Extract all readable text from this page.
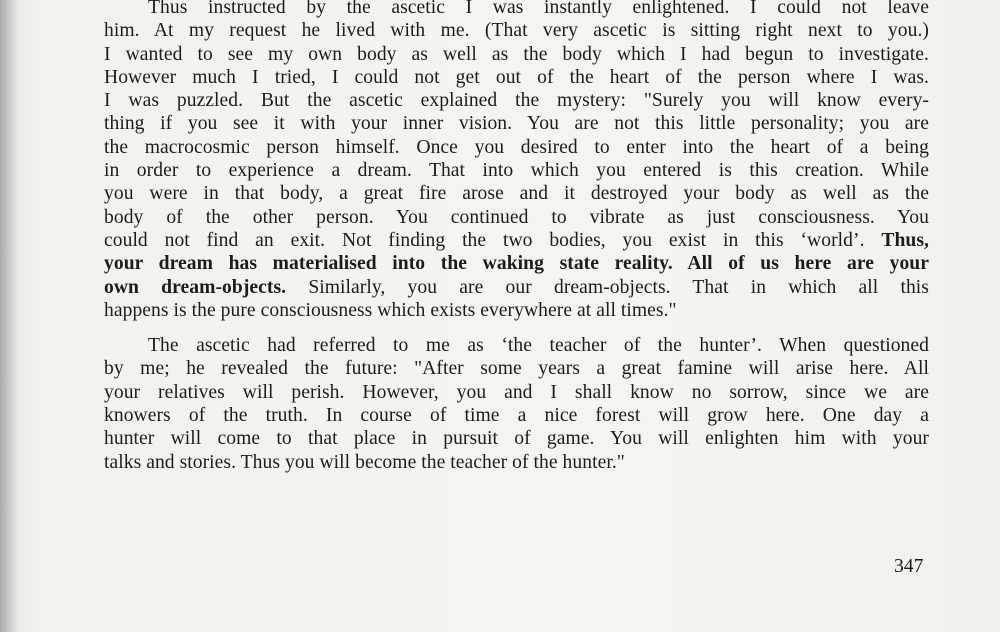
Thus instructed by the ascetic I was instantly enlightened. I could not leave
him. At my request he lived with me. (That very ascetic is sitting right next to you.)
I wanted to see my own body as well as the body which I had begun to investigate.
However much I tried, I could not get out of the heart of the person where I was.
I was puzzled. But the ascetic explained the mystery: "Surely you will know every-
thing if you see it with your inner vision. You are not this little personality; you are
the macrocosmic person himself. Once you desired to enter into the heart of a being
in order to experience a dream. That into which you entered is this creation. While
you were in that body, a great fire arose and it destroyed your body as well as the
body of the other person. You continued to vibrate as just consciousness. You
could not find an exit. Not finding the two bodies, you exist in this ‘world’. Thus,
your dream has materialised into the waking state reality. All of us here are your
own dream-objects. Similarly, you are our dream-objects. That in which all this
happens is the pure consciousness which exists everywhere at all times."
The ascetic had referred to me as ‘the teacher of the hunter’. When questioned
by me; he revealed the future: "After some years a great famine will arise here. All
your relatives will perish. However, you and I shall know no sorrow, since we are
knowers of the truth. In course of time a nice forest will grow here. One day a
hunter will come to that place in pursuit of game. You will enlighten him with your
talks and stories. Thus you will become the teacher of the hunter."
347
